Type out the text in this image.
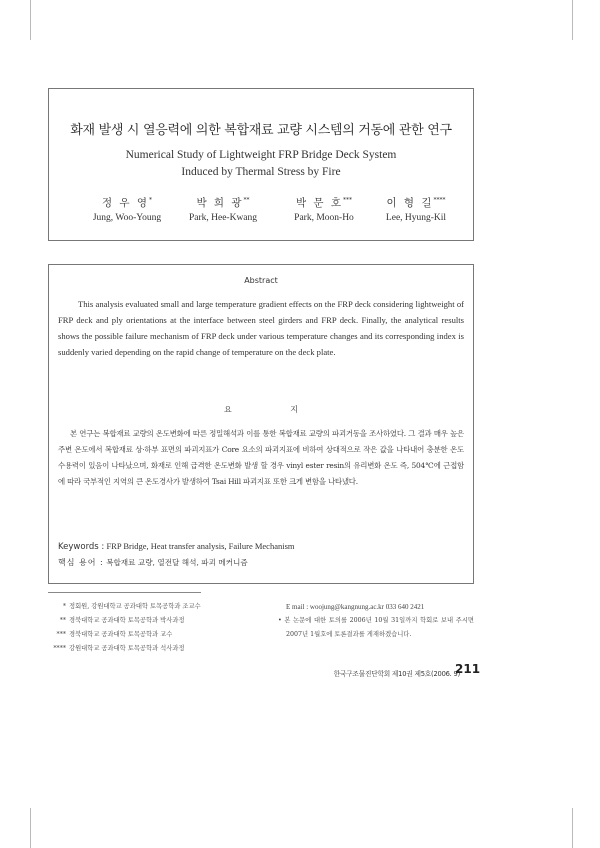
화재 발생 시 열응력에 의한 복합재료 교량 시스템의 거동에 관한 연구
Numerical Study of Lightweight FRP Bridge Deck System
Induced by Thermal Stress by Fire
정 우 영*
Jung, Woo-Young
박 희 광**
Park, Hee-Kwang
박 문 호***
Park, Moon-Ho
이 형 길****
Lee, Hyung-Kil
Abstract
This analysis evaluated small and large temperature gradient effects on the FRP deck considering lightweight of FRP deck and ply orientations at the interface between steel girders and FRP deck. Finally, the analytical results shows the possible failure mechanism of FRP deck under various temperature changes and its corresponding index is suddenly varied depending on the rapid change of temperature on the deck plate.
요 지
본 연구는 복합재료 교량의 온도변화에 따른 정밀해석과 이를 통한 복합재료 교량의 파괴거동을 조사하였다. 그 결과 매우 높은 주변 온도에서 복합재료 상·하부 표면의 파괴지표가 Core 요소의 파괴지표에 비하여 상대적으로 작은 값을 나타내어 충분한 온도 수용력이 있음이 나타났으며, 화재로 인해 급격한 온도변화 발생 할 경우 vinyl ester resin의 유리변화 온도 즉, 504℃에 근접함에 따라 국부적인 지역의 큰 온도경사가 발생하여 Tsai Hill 파괴지표 또한 크게 변함을 나타냈다.
Keywords : FRP Bridge, Heat transfer analysis, Failure Mechanism
핵심 용어 : 복합재료 교량, 열전달 해석, 파괴 메커니즘
* 정회원, 강원대학교 공과대학 토목공학과 조교수
** 경북대학교 공과대학 토목공학과 박사과정
*** 경북대학교 공과대학 토목공학과 교수
**** 강원대학교 공과대학 토목공학과 석사과정
E mail : woojung@kangnung.ac.kr 033 640 2421
• 본 논문에 대한 토의를 2006년 10월 31일까지 학회로 보내 주시면 2007년 1월호에 토론결과를 게재하겠습니다.
한국구조물진단학회 제10권 제5호(2006. 9)
211
